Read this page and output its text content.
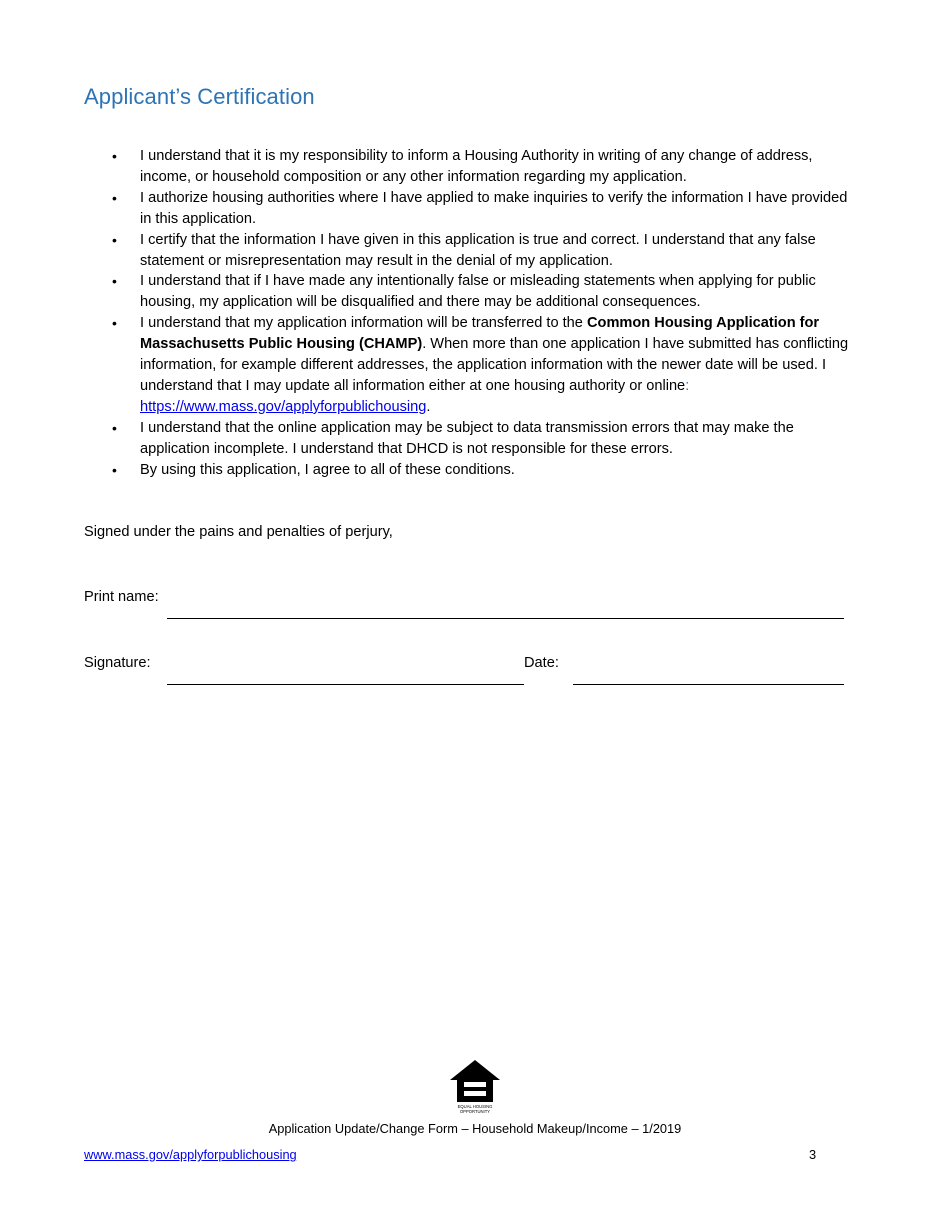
Applicant’s Certification
• I understand that it is my responsibility to inform a Housing Authority in writing of any change of address, income, or household composition or any other information regarding my application.
• I authorize housing authorities where I have applied to make inquiries to verify the information I have provided in this application.
• I certify that the information I have given in this application is true and correct. I understand that any false statement or misrepresentation may result in the denial of my application.
• I understand that if I have made any intentionally false or misleading statements when applying for public housing, my application will be disqualified and there may be additional consequences.
• I understand that my application information will be transferred to the Common Housing Application for Massachusetts Public Housing (CHAMP). When more than one application I have submitted has conflicting information, for example different addresses, the application information with the newer date will be used. I understand that I may update all information either at one housing authority or online: https://www.mass.gov/applyforpublichousing.
• I understand that the online application may be subject to data transmission errors that may make the application incomplete. I understand that DHCD is not responsible for these errors.
• By using this application, I agree to all of these conditions.
Signed under the pains and penalties of perjury,
Print name:
Signature:	Date:
EQUAL HOUSING
OPPORTUNITY
Application Update/Change Form – Household Makeup/Income – 1/2019
www.mass.gov/applyforpublichousing	3
